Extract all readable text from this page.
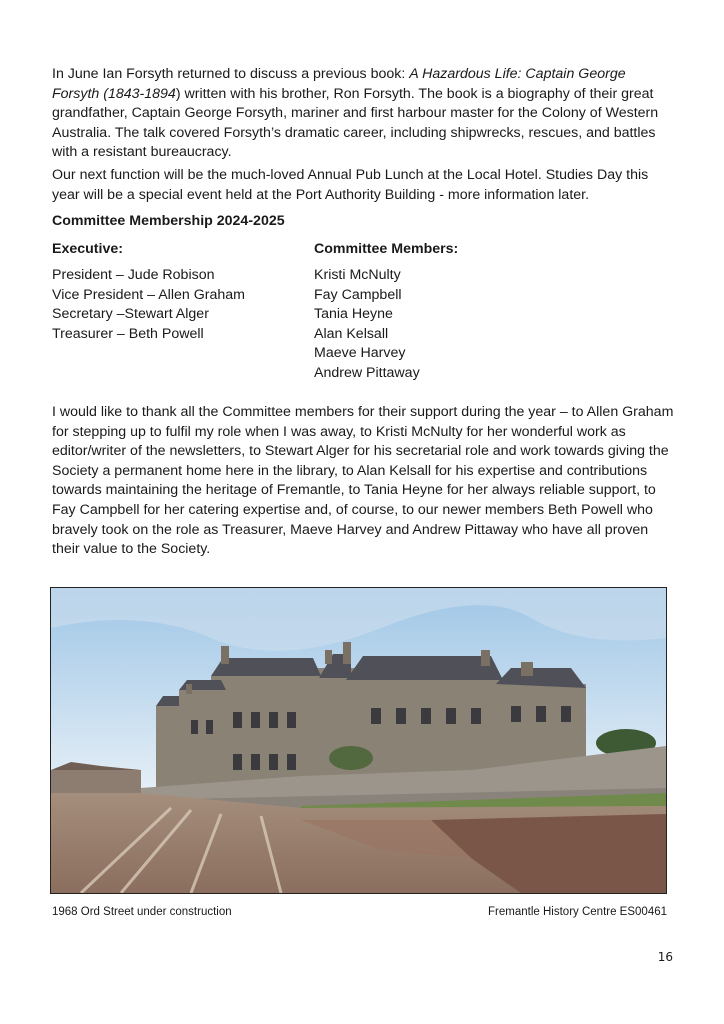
In June Ian Forsyth returned to discuss a previous book: A Hazardous Life: Captain George Forsyth (1843-1894) written with his brother, Ron Forsyth. The book is a biography of their great grandfather, Captain George Forsyth, mariner and first harbour master for the Colony of Western Australia. The talk covered Forsyth’s dramatic career, including shipwrecks, rescues, and battles with a resistant bureaucracy.

Our next function will be the much-loved Annual Pub Lunch at the Local Hotel. Studies Day this year will be a special event held at the Port Authority Building - more information later.

Committee Membership 2024-2025
Executive:	Committee Members:
President – Jude Robison
Vice President – Allen Graham
Secretary –Stewart Alger
Treasurer – Beth Powell
Kristi McNulty
Fay Campbell
Tania Heyne
Alan Kelsall
Maeve Harvey
Andrew Pittaway

I would like to thank all the Committee members for their support during the year – to Allen Graham for stepping up to fulfil my role when I was away, to Kristi McNulty for her wonderful work as editor/writer of the newsletters, to Stewart Alger for his secretarial role and work towards giving the Society a permanent home here in the library, to Alan Kelsall for his expertise and contributions towards maintaining the heritage of Fremantle, to Tania Heyne for her always reliable support, to Fay Campbell for her catering expertise and, of course, to our newer members Beth Powell who bravely took on the role as Treasurer, Maeve Harvey and Andrew Pittaway who have all proven their value to the Society.

1968 Ord Street under construction	Fremantle History Centre ES00461
16
